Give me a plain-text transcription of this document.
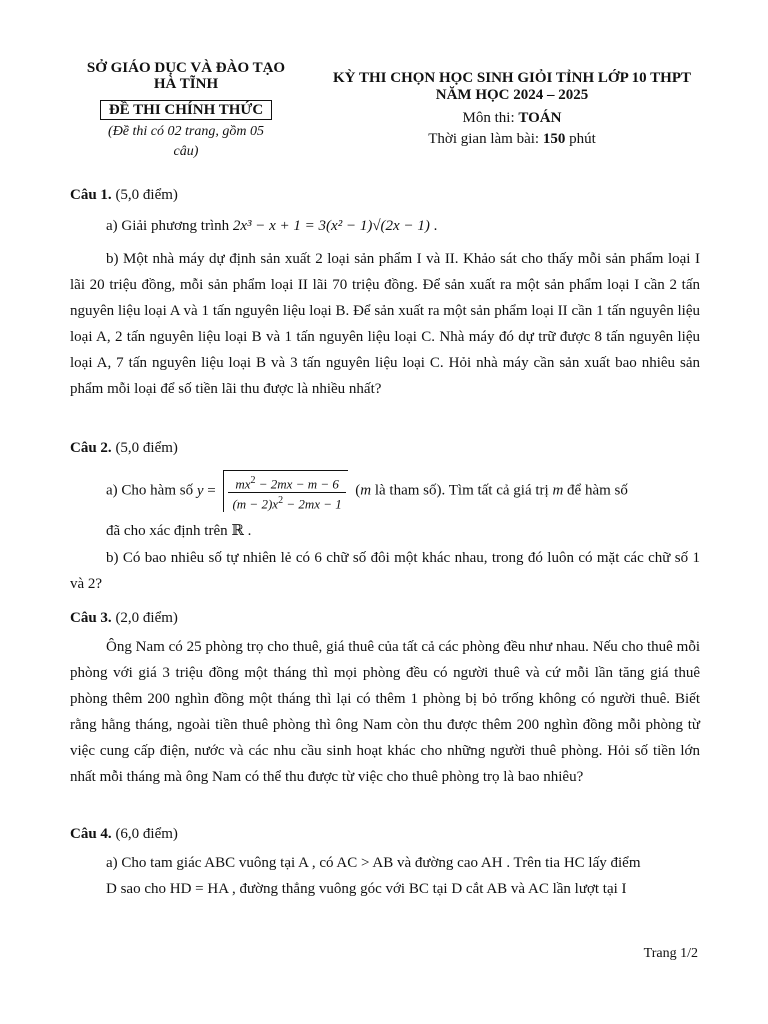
SỞ GIÁO DỤC VÀ ĐÀO TẠO
HÀ TĨNH
ĐỀ THI CHÍNH THỨC
(Đề thi có 02 trang, gồm 05
câu)
KỲ THI CHỌN HỌC SINH GIỎI TỈNH LỚP 10 THPT
NĂM HỌC 2024 – 2025
Môn thi: TOÁN
Thời gian làm bài: 150 phút
Câu 1. (5,0 điểm)
a) Giải phương trình 2x³ − x + 1 = 3(x² − 1)√(2x − 1) .
b) Một nhà máy dự định sản xuất 2 loại sản phẩm I và II. Khảo sát cho thấy mỗi sản phẩm loại I lãi 20 triệu đồng, mỗi sản phẩm loại II lãi 70 triệu đồng. Để sản xuất ra một sản phẩm loại I cần 2 tấn nguyên liệu loại A và 1 tấn nguyên liệu loại B. Để sản xuất ra một sản phẩm loại II cần 1 tấn nguyên liệu loại A, 2 tấn nguyên liệu loại B và 1 tấn nguyên liệu loại C. Nhà máy đó dự trữ được 8 tấn nguyên liệu loại A, 7 tấn nguyên liệu loại B và 3 tấn nguyên liệu loại C. Hỏi nhà máy cần sản xuất bao nhiêu sản phẩm mỗi loại để số tiền lãi thu được là nhiều nhất?
Câu 2. (5,0 điểm)
a) Cho hàm số $y = \frac{mx^2 - 2mx - m - 6}{(m - 2)x^2 - 2mx - 1} (m$ là tham số). Tìm tất cả giá trị m để hàm số
đã cho xác định trên ℝ .
b) Có bao nhiêu số tự nhiên lẻ có 6 chữ số đôi một khác nhau, trong đó luôn có mặt các chữ số 1 và 2?
Câu 3. (2,0 điểm)
Ông Nam có 25 phòng trọ cho thuê, giá thuê của tất cả các phòng đều như nhau. Nếu cho thuê mỗi phòng với giá 3 triệu đồng một tháng thì mọi phòng đều có người thuê và cứ mỗi lần tăng giá thuê phòng thêm 200 nghìn đồng một tháng thì lại có thêm 1 phòng bị bỏ trống không có người thuê. Biết rằng hằng tháng, ngoài tiền thuê phòng thì ông Nam còn thu được thêm 200 nghìn đồng mỗi phòng từ việc cung cấp điện, nước và các nhu cầu sinh hoạt khác cho những người thuê phòng. Hỏi số tiền lớn nhất mỗi tháng mà ông Nam có thể thu được từ việc cho thuê phòng trọ là bao nhiêu?
Câu 4. (6,0 điểm)
a) Cho tam giác ABC vuông tại A , có AC > AB và đường cao AH . Trên tia HC lấy điểm
D sao cho HD = HA , đường thẳng vuông góc với BC tại D cắt AB và AC lần lượt tại I
Trang 1/2
